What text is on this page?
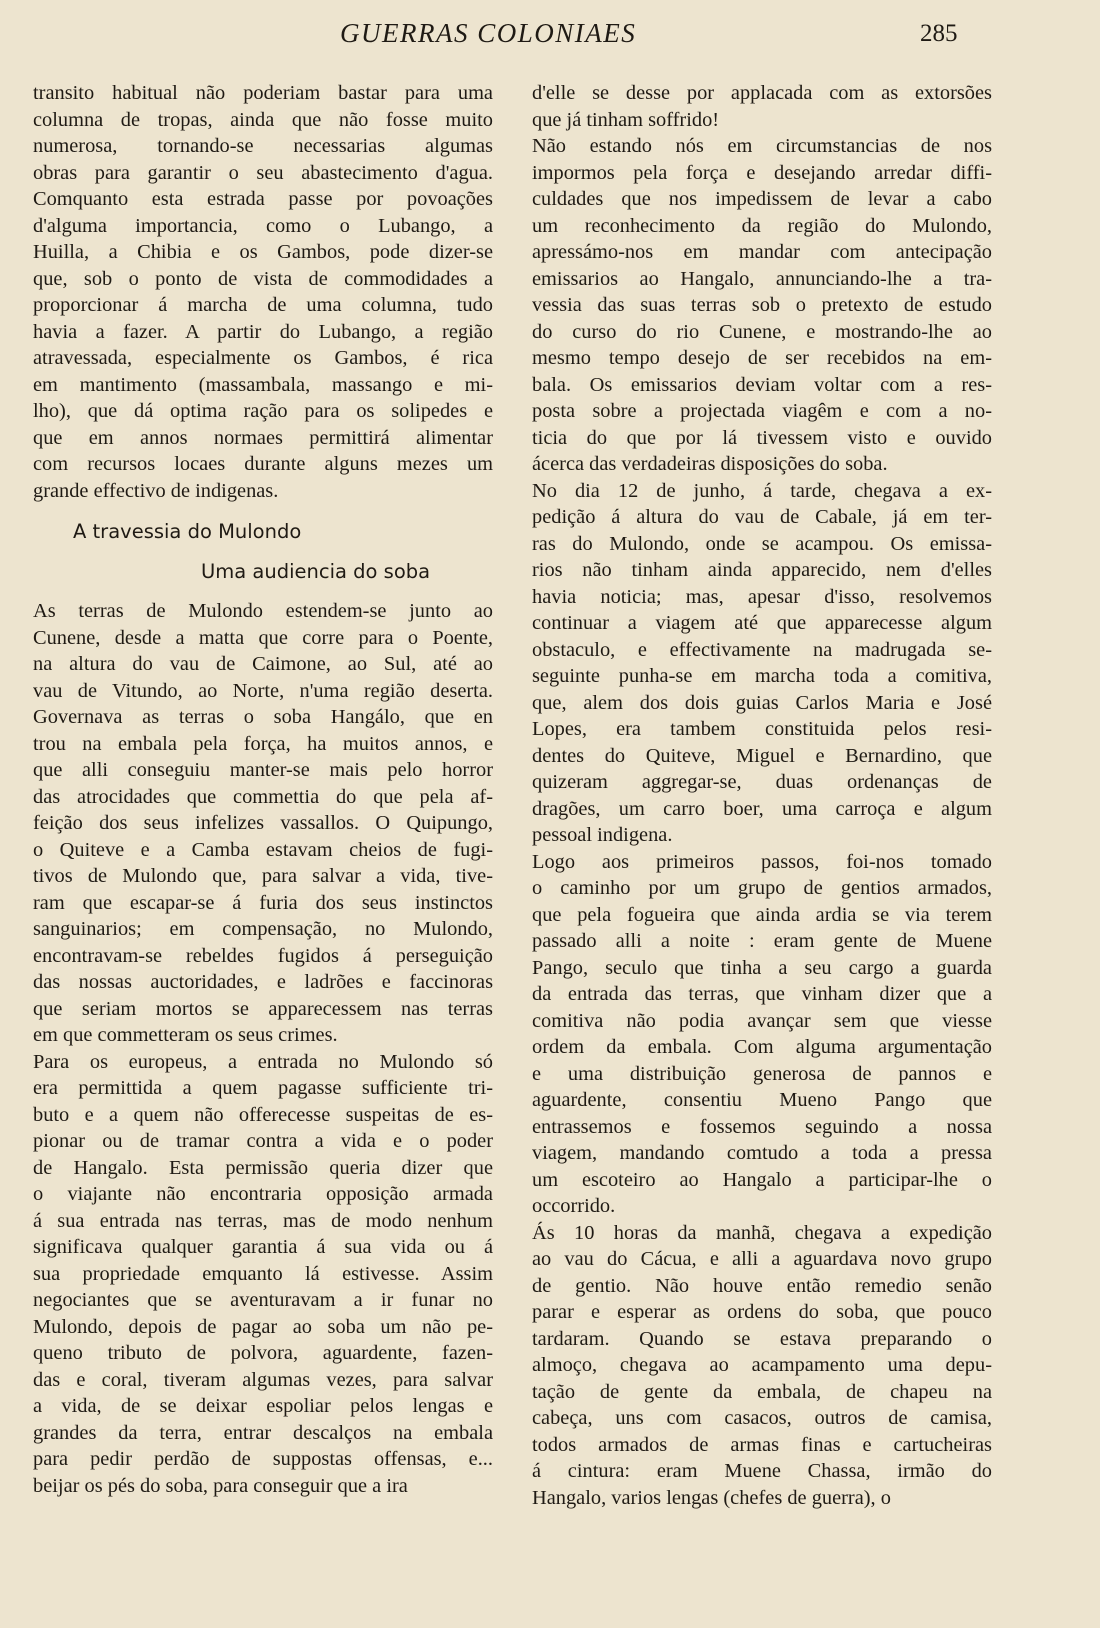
GUERRAS COLONIAES	285
transito habitual não poderiam bastar para uma
columna de tropas, ainda que não fosse muito
numerosa, tornando-se necessarias algumas
obras para garantir o seu abastecimento d'agua.
Comquanto esta estrada passe por povoações
d'alguma importancia, como o Lubango, a
Huilla, a Chibia e os Gambos, pode dizer-se
que, sob o ponto de vista de commodidades a
proporcionar á marcha de uma columna, tudo
havia a fazer. A partir do Lubango, a região
atravessada, especialmente os Gambos, é rica
em mantimento (massambala, massango e mi-
lho), que dá optima ração para os solipedes e
que em annos normaes permittirá alimentar
com recursos locaes durante alguns mezes um
grande effectivo de indigenas.
A travessia do Mulondo
Uma audiencia do soba
As terras de Mulondo estendem-se junto ao
Cunene, desde a matta que corre para o Poente,
na altura do vau de Caimone, ao Sul, até ao
vau de Vitundo, ao Norte, n'uma região deserta.
Governava as terras o soba Hangálo, que en
trou na embala pela força, ha muitos annos, e
que alli conseguiu manter-se mais pelo horror
das atrocidades que commettia do que pela af-
feição dos seus infelizes vassallos. O Quipungo,
o Quiteve e a Camba estavam cheios de fugi-
tivos de Mulondo que, para salvar a vida, tive-
ram que escapar-se á furia dos seus instinctos
sanguinarios; em compensação, no Mulondo,
encontravam-se rebeldes fugidos á perseguição
das nossas auctoridades, e ladrões e faccinoras
que seriam mortos se apparecessem nas terras
em que commetteram os seus crimes.
Para os europeus, a entrada no Mulondo só
era permittida a quem pagasse sufficiente tri-
buto e a quem não offerecesse suspeitas de es-
pionar ou de tramar contra a vida e o poder
de Hangalo. Esta permissão queria dizer que
o viajante não encontraria opposição armada
á sua entrada nas terras, mas de modo nenhum
significava qualquer garantia á sua vida ou á
sua propriedade emquanto lá estivesse. Assim
negociantes que se aventuravam a ir funar no
Mulondo, depois de pagar ao soba um não pe-
queno tributo de polvora, aguardente, fazen-
das e coral, tiveram algumas vezes, para salvar
a vida, de se deixar espoliar pelos lengas e
grandes da terra, entrar descalços na embala
para pedir perdão de suppostas offensas, e...
beijar os pés do soba, para conseguir que a ira
d'elle se desse por applacada com as extorsões
que já tinham soffrido!
Não estando nós em circumstancias de nos
impormos pela força e desejando arredar diffi-
culdades que nos impedissem de levar a cabo
um reconhecimento da região do Mulondo,
apressámo-nos em mandar com antecipação
emissarios ao Hangalo, annunciando-lhe a tra-
vessia das suas terras sob o pretexto de estudo
do curso do rio Cunene, e mostrando-lhe ao
mesmo tempo desejo de ser recebidos na em-
bala. Os emissarios deviam voltar com a res-
posta sobre a projectada viagêm e com a no-
ticia do que por lá tivessem visto e ouvido
ácerca das verdadeiras disposições do soba.
No dia 12 de junho, á tarde, chegava a ex-
pedição á altura do vau de Cabale, já em ter-
ras do Mulondo, onde se acampou. Os emissa-
rios não tinham ainda apparecido, nem d'elles
havia noticia; mas, apesar d'isso, resolvemos
continuar a viagem até que apparecesse algum
obstaculo, e effectivamente na madrugada se-
seguinte punha-se em marcha toda a comitiva,
que, alem dos dois guias Carlos Maria e José
Lopes, era tambem constituida pelos resi-
dentes do Quiteve, Miguel e Bernardino, que
quizeram aggregar-se, duas ordenanças de
dragões, um carro boer, uma carroça e algum
pessoal indigena.
Logo aos primeiros passos, foi-nos tomado
o caminho por um grupo de gentios armados,
que pela fogueira que ainda ardia se via terem
passado alli a noite : eram gente de Muene
Pango, seculo que tinha a seu cargo a guarda
da entrada das terras, que vinham dizer que a
comitiva não podia avançar sem que viesse
ordem da embala. Com alguma argumentação
e uma distribuição generosa de pannos e
aguardente, consentiu Mueno Pango que
entrassemos e fossemos seguindo a nossa
viagem, mandando comtudo a toda a pressa
um escoteiro ao Hangalo a participar-lhe o
occorrido.
Ás 10 horas da manhã, chegava a expedição
ao vau do Cácua, e alli a aguardava novo grupo
de gentio. Não houve então remedio senão
parar e esperar as ordens do soba, que pouco
tardaram. Quando se estava preparando o
almoço, chegava ao acampamento uma depu-
tação de gente da embala, de chapeu na
cabeça, uns com casacos, outros de camisa,
todos armados de armas finas e cartucheiras
á cintura: eram Muene Chassa, irmão do
Hangalo, varios lengas (chefes de guerra), o
